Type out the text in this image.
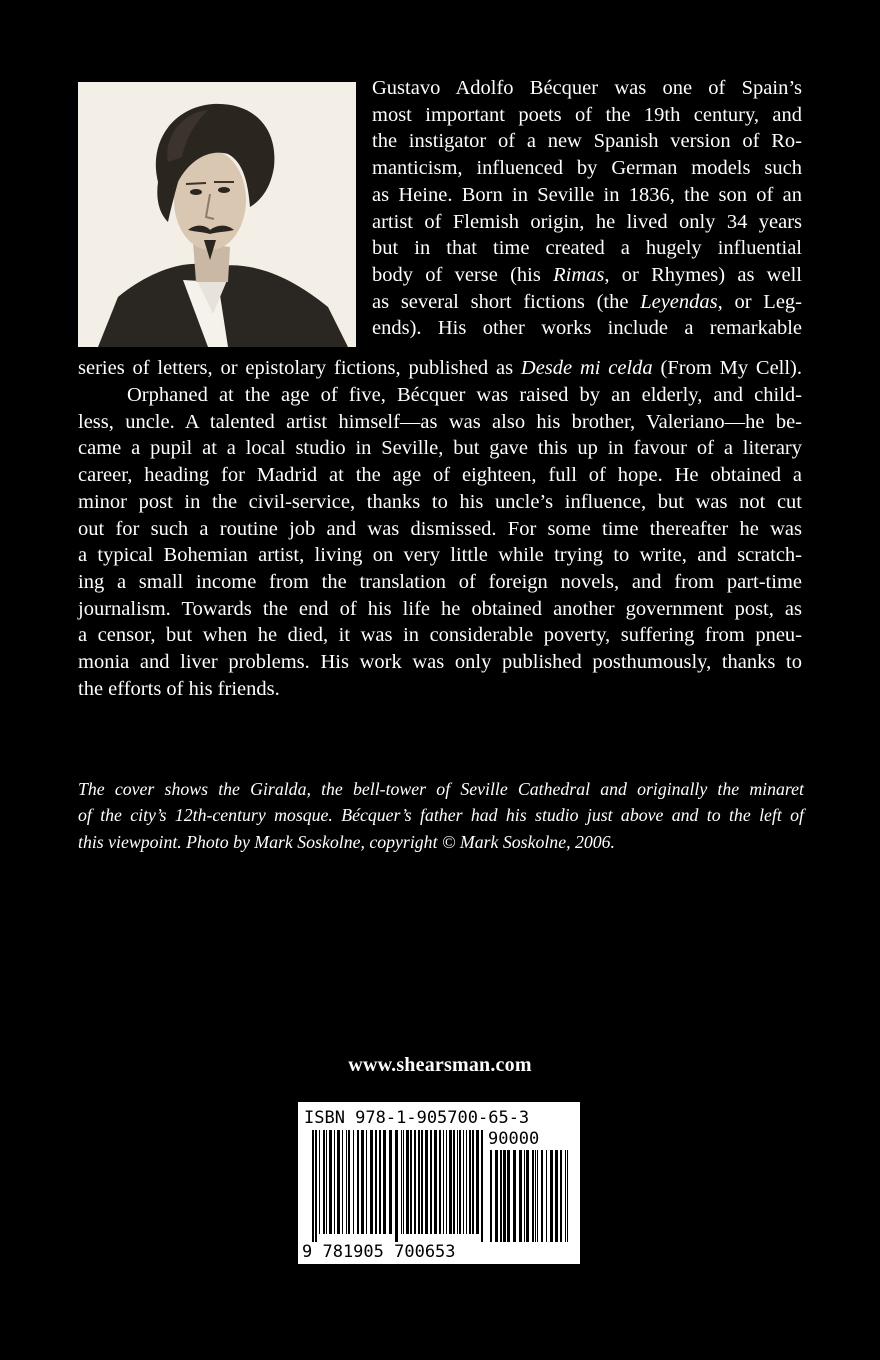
Gustavo Adolfo Bécquer was one of Spain’s
most important poets of the 19th century, and
the instigator of a new Spanish version of Ro-
manticism, influenced by German models such
as Heine. Born in Seville in 1836, the son of an
artist of Flemish origin, he lived only 34 years
but in that time created a hugely influential
body of verse (his Rimas, or Rhymes) as well
as several short fictions (the Leyendas, or Leg-
ends). His other works include a remarkable

series of letters, or epistolary fictions, published as Desde mi celda (From My Cell).

Orphaned at the age of five, Bécquer was raised by an elderly, and child-
less, uncle. A talented artist himself—as was also his brother, Valeriano—he be-
came a pupil at a local studio in Seville, but gave this up in favour of a literary
career, heading for Madrid at the age of eighteen, full of hope. He obtained a
minor post in the civil-service, thanks to his uncle’s influence, but was not cut
out for such a routine job and was dismissed. For some time thereafter he was
a typical Bohemian artist, living on very little while trying to write, and scratch-
ing a small income from the translation of foreign novels, and from part-time
journalism. Towards the end of his life he obtained another government post, as
a censor, but when he died, it was in considerable poverty, suffering from pneu-
monia and liver problems. His work was only published posthumously, thanks to
the efforts of his friends.

The cover shows the Giralda, the bell-tower of Seville Cathedral and originally the minaret
of the city’s 12th-century mosque. Bécquer’s father had his studio just above and to the left of
this viewpoint. Photo by Mark Soskolne, copyright © Mark Soskolne, 2006.

www.shearsman.com
ISBN 978-1-905700-65-3
90000
9 781905 700653
